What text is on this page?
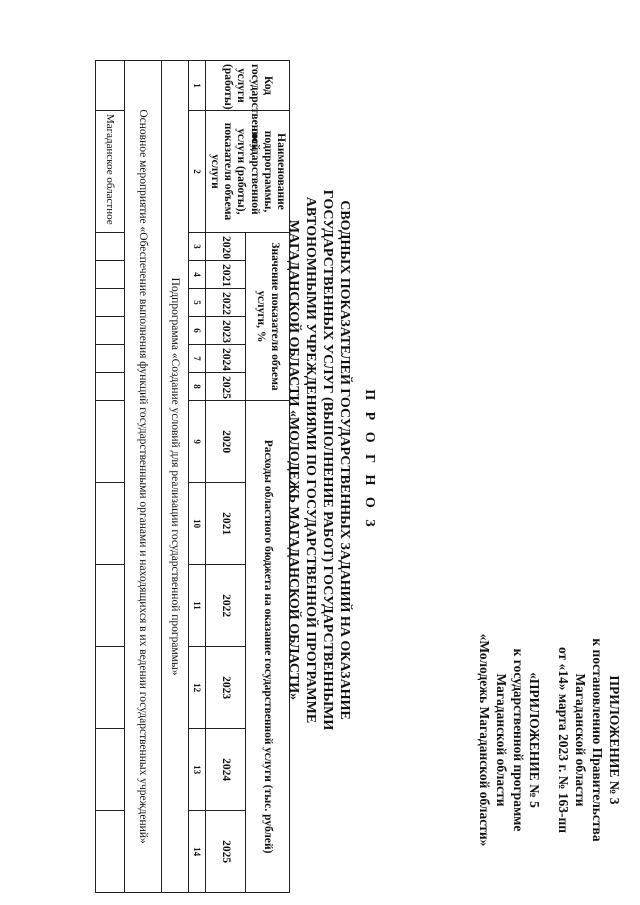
ПРИЛОЖЕНИЕ № 3
к постановлению Правительства
Магаданской области
от «14» марта 2023 г. № 163-пп
«ПРИЛОЖЕНИЕ № 5
к государственной программе
Магаданской области
«Молодежь Магаданской области»
П Р О Г Н О З
СВОДНЫХ ПОКАЗАТЕЛЕЙ ГОСУДАРСТВЕННЫХ ЗАДАНИЙ НА ОКАЗАНИЕ
ГОСУДАРСТВЕННЫХ УСЛУГ (ВЫПОЛНЕНИЕ РАБОТ) ГОСУДАРСТВЕННЫМИ
АВТОНОМНЫМИ УЧРЕЖДЕНИЯМИ ПО ГОСУДАРСТВЕННОЙ ПРОГРАММЕ
МАГАДАНСКОЙ ОБЛАСТИ «МОЛОДЕЖЬ МАГАДАНСКОЙ ОБЛАСТИ»
Код государственной услуги (работы)	Наименование подпрограммы, государственной услуги (работы), показателя объема услуги	Значение показателя объема услуги, %						Расходы областного бюджета на оказание государственной услуги (тыс. рублей)					
		2020	2021	2022	2023	2024	2025	2020	2021	2022	2023	2024	2025
1	2	3	4	5	6	7	8	9	10	11	12	13	14
Подпрограмма «Создание условий для реализации государственной программы»													
Основное мероприятие «Обеспечение выполнения функций государственными органами и находящихся в их ведении государственных учреждений»													
	Магаданское областное												
